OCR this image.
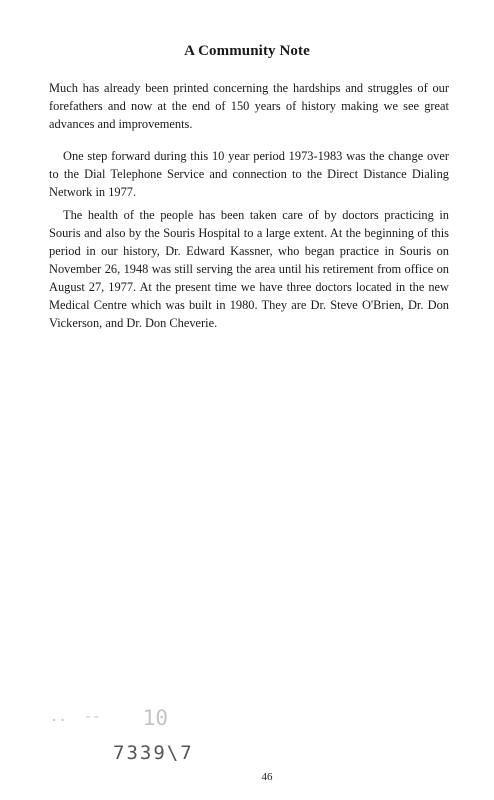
A Community Note

Much has already been printed concerning the hardships and struggles of our forefathers and now at the end of 150 years of history making we see great advances and improvements.

One step forward during this 10 year period 1973-1983 was the change over to the Dial Telephone Service and connection to the Direct Distance Dialing Network in 1977.

The health of the people has been taken care of by doctors practicing in Souris and also by the Souris Hospital to a large extent. At the beginning of this period in our history, Dr. Edward Kassner, who began practice in Souris on November 26, 1948 was still serving the area until his retirement from office on August 27, 1977. At the present time we have three doctors located in the new Medical Centre which was built in 1980. They are Dr. Steve O'Brien, Dr. Don Vickerson, and Dr. Don Cheverie.

..  -- 10
7339\7
46
